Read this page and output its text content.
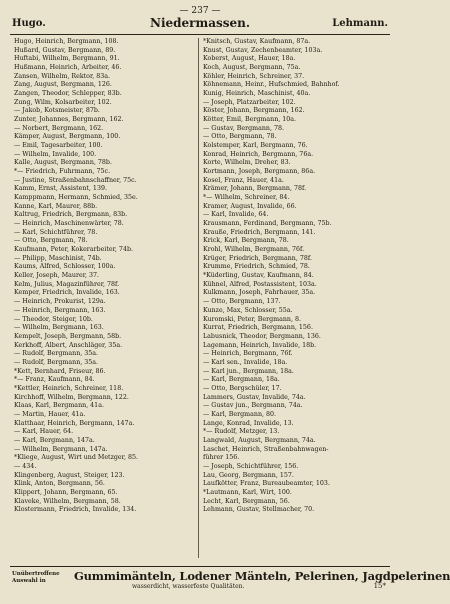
— 237 —
Hugo.	Niedermassen.	Lehmann.
Hugo, Heinrich, Bergmann, 108.
Hußard, Gustav, Bergmann, 89.
Huftabi, Wilhelm, Bergmann, 91.
Hußmann, Heinrich, Arbeiter, 46.
Zansen, Wilhelm, Rektor, 83a.
Zang, August, Bergmann, 126.
Zangen, Theodor, Schlepper, 83b.
Zung, Wilm, Kolsarbeiter, 102.
— Jakob, Kotsmeister, 87b.
Zunter, Johannes, Bergmann, 162.
— Norbert, Bergmann, 162.
Kämper, August, Bergmann, 100.
— Emil, Tagesarbeiter, 100.
— Wilhelm, Invalide, 100.
Kalle, August, Bergmann, 78b.
*— Friedrich, Fuhrmann, 75c.
— Justine, Straßenbahnschaffner, 75c.
Kamm, Ernst, Assistent, 139.
Kamppmann, Hermann, Schmied, 35e.
Kanne, Karl, Maurer, 88b.
Kaltrug, Friedrich, Bergmann, 83b.
— Heinrich, Maschinenwärter, 78.
— Karl, Schichtführer, 78.
— Otto, Bergmann, 78.
Kaufmann, Peter, Kokerarbeiter, 74b.
— Philipp, Maschinist, 74b.
Kaums, Alfred, Schlosser, 100a.
Keller, Joseph, Maurer, 37.
Kelm, Julius, Magazinführer, 78f.
Kemper, Friedrich, Invalide, 163.
— Heinrich, Prokurist, 129a.
— Heinrich, Bergmann, 163.
— Theodor, Steiger, 10b.
— Wilhelm, Bergmann, 163.
Kempelt, Joseph, Bergmann, 58b.
Kerkhoff, Albert, Anschläger, 35a.
— Rudolf, Bergmann, 35a.
— Rudolf, Bergmann, 35a.
*Kett, Bernhard, Friseur, 86.
*— Franz, Kaufmann, 84.
*Kettler, Heinrich, Schreiner, 118.
Kirchhoff, Wilhelm, Bergmann, 122.
Klaas, Karl, Bergmann, 41a.
— Martin, Hauer, 41a.
Klatthaar, Heinrich, Bergmann, 147a.
— Karl, Hauer, 64.
— Karl, Bergmann, 147a.
— Wilhelm, Bergmann, 147a.
*Kliege, August, Wirt und Metzger, 85.
— 434.
Klingenberg, August, Steiger, 123.
Klink, Anton, Bergmann, 56.
Klippert, Johann, Bergmann, 65.
Klaveke, Wilhelm, Bergmann, 58.
Klostermann, Friedrich, Invalide, 134.
*Knitsch, Gustav, Kaufmann, 87a.
Knust, Gustav, Zechenbeamter, 103a.
Koberst, August, Hauer, 18a.
Koch, August, Bergmann, 75a.
Köhler, Heinrich, Schreiner, 37.
Köhnemann, Heinr., Hufschmied, Bahnhof.
Kunig, Heinrich, Maschinist, 40a.
— Joseph, Platzarbeiter, 102.
Köster, Johann, Bergmann, 162.
Kötter, Emil, Bergmann, 10a.
— Gustav, Bergmann, 78.
— Otto, Bergmann, 78.
Kolstemper, Karl, Bergmann, 76.
Konrad, Heinrich, Bergmann, 76a.
Korte, Wilhelm, Dreher, 83.
Kortmann, Joseph, Bergmann, 86a.
Kosel, Franz, Hauer, 41a.
Krämer, Johann, Bergmann, 78f.
*— Wilhelm, Schreiner, 84.
Kramer, August, Invalide, 66.
— Karl, Invalide, 64.
Krausmann, Ferdinand, Bergmann, 75b.
Krauße, Friedrich, Bergmann, 141.
Krick, Karl, Bergmann, 78.
Krohl, Wilhelm, Bergmann, 76f.
Krüger, Friedrich, Bergmann, 78f.
Krumme, Friedrich, Schmied, 78.
*Küderling, Gustav, Kaufmann, 84.
Kühnel, Alfred, Postassistent, 103a.
Kulkmann, Joseph, Fahrhauer, 35a.
— Otto, Bergmann, 137.
Kunze, Max, Schlosser, 55a.
Kuromski, Peter, Bergmann, 8.
Kurrat, Friedrich, Bergmann, 156.
Labusnick, Theodor, Bergmann, 136.
Lagemann, Heinrich, Invalide, 18b.
— Heinrich, Bergmann, 76f.
— Karl sen., Invalide, 18a.
— Karl jun., Bergmann, 18a.
— Karl, Bergmann, 18a.
— Otto, Bergschüler, 17.
Lammers, Gustav, Invalide, 74a.
— Gustav jun., Bergmann, 74a.
— Karl, Bergmann, 80.
Lange, Konrad, Invalide, 13.
*— Rudolf, Metzger, 13.
Langwald, August, Bergmann, 74a.
Laschet, Heinrich, Straßenbahnwagen-
führer 156.
— Joseph, Schichtführer, 156.
Lau, Georg, Bergmann, 157.
Laufkötter, Franz, Bureaubeamter, 103.
*Lautmann, Karl, Wirt, 100.
Lecht, Karl, Bergmann, 56.
Lehmann, Gustav, Stellmacher, 70.
Unübertroffene
Auswahl in	Gummimänteln, Lodener Mänteln, Pelerinen, Jagdpelerinen
wasserdicht, wasserfeste Qualitäten.	15*
